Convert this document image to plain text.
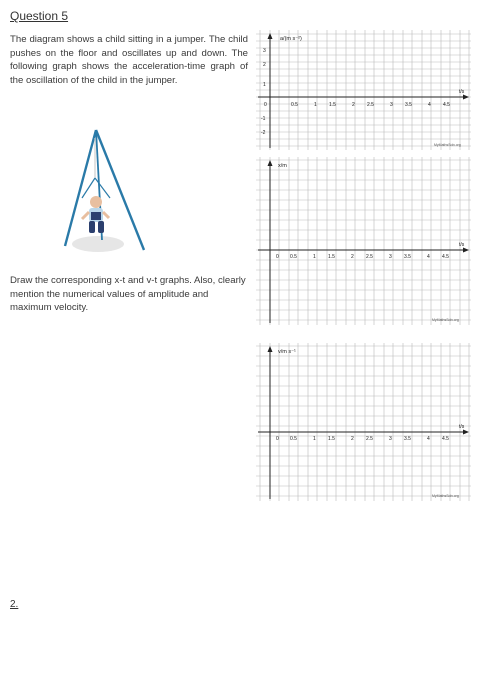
Question 5
The diagram shows a child sitting in a jumper. The child pushes on the floor and oscillates up and down. The following graph shows the acceleration-time graph of the oscillation of the child in the jumper.
Draw the corresponding x-t and v-t graphs. Also, clearly mention the numerical values of amplitude and maximum velocity.
2.
a/(m s⁻²)
t/s
3
2
1
-1
-2
0	0.5	1 1.5	2 2.5	3 3.5	4 4.5
MyMathsSolv.org
x/m
t/s
0 0.5	1 1.5	2 2.5	3 3.5	4 4.5
MyMathsSolv.org
v/m s⁻¹
t/s
0 0.5	1 1.5	2 2.5	3 3.5	4 4.5
MyMathsSolv.org
